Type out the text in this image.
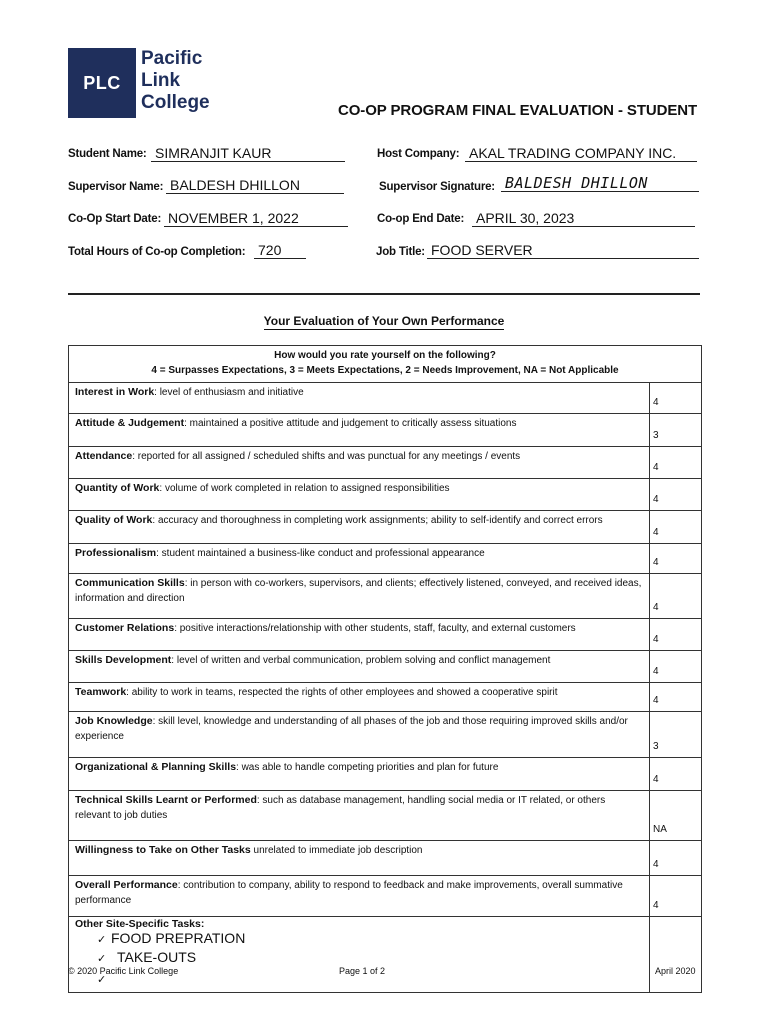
PLC
Pacific
Link
College	CO-OP PROGRAM FINAL EVALUATION - STUDENT
Student Name: SIMRANJIT KAUR	Host Company: AKAL TRADING COMPANY INC.
Supervisor Name: BALDESH DHILLON	Supervisor Signature: BALDESH DHILLON
Co-Op Start Date: NOVEMBER 1, 2022	Co-op End Date: APRIL 30, 2023
Total Hours of Co-op Completion: 720	Job Title: FOOD SERVER
Your Evaluation of Your Own Performance
How would you rate yourself on the following?
4 = Surpasses Expectations, 3 = Meets Expectations, 2 = Needs Improvement, NA = Not Applicable	

Interest in Work: level of enthusiasm and initiative	4

Attitude & Judgement: maintained a positive attitude and judgement to critically assess situations	3

Attendance: reported for all assigned / scheduled shifts and was punctual for any meetings / events	4

Quantity of Work: volume of work completed in relation to assigned responsibilities	4

Quality of Work: accuracy and thoroughness in completing work assignments; ability to self-identify and correct errors	4

Professionalism: student maintained a business-like conduct and professional appearance	4

Communication Skills: in person with co-workers, supervisors, and clients; effectively listened, conveyed, and received ideas, information and direction	4

Customer Relations: positive interactions/relationship with other students, staff, faculty, and external customers	4

Skills Development: level of written and verbal communication, problem solving and conflict management	4

Teamwork: ability to work in teams, respected the rights of other employees and showed a cooperative spirit	4

Job Knowledge: skill level, knowledge and understanding of all phases of the job and those requiring improved skills and/or experience	3

Organizational & Planning Skills: was able to handle competing priorities and plan for future	4

Technical Skills Learnt or Performed: such as database management, handling social media or IT related, or others relevant to job duties	NA

Willingness to Take on Other Tasks unrelated to immediate job description	4

Overall Performance: contribution to company, ability to respond to feedback and make improvements, overall summative performance	4

Other Site-Specific Tasks:
✓ FOOD PREPRATION
✓ TAKE-OUTS
✓	

© 2020 Pacific Link College	Page 1 of 2	April 2020
